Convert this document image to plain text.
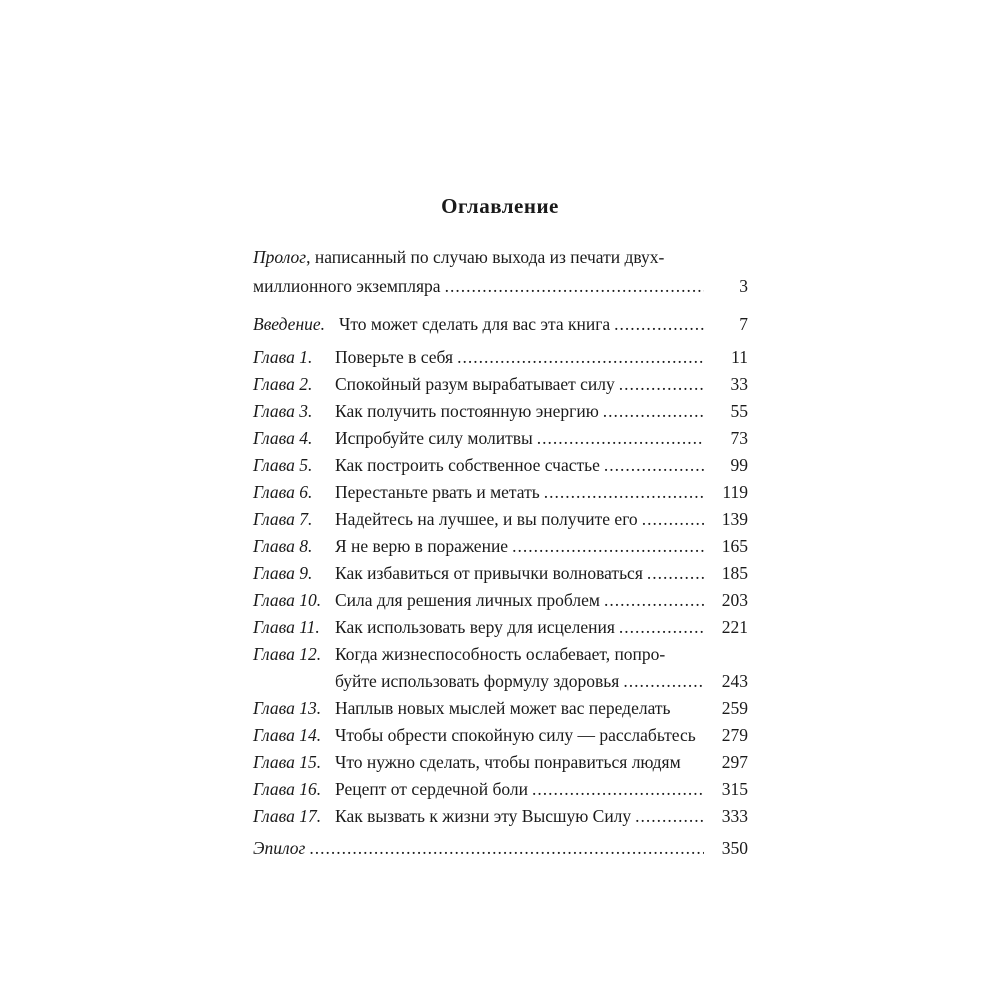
Оглавление
Пролог , написанный по случаю выхода из печати двух-
миллионного экземпляра .....	3
Введение. Что может сделать для вас эта книга .....	7
Глава 1.	Поверьте в себя .....	11
Глава 2.	Спокойный разум вырабатывает силу .....	33
Глава 3.	Как получить постоянную энергию .....	55
Глава 4.	Испробуйте силу молитвы .....	73
Глава 5.	Как построить собственное счастье .....	99
Глава 6.	Перестаньте рвать и метать .....	119
Глава 7.	Надейтесь на лучшее, и вы получите его .....	139
Глава 8.	Я не верю в поражение .....	165
Глава 9.	Как избавиться от привычки волноваться .....	185
Глава 10. Сила для решения личных проблем .....	203
Глава 11. Как использовать веру для исцеления .....	221
Глава 12. Когда жизнеспособность ослабевает, попро-
буйте использовать формулу здоровья .....	243
Глава 13. Наплыв новых мыслей может вас переделать	259
Глава 14. Чтобы обрести спокойную силу — расслабьтесь	279
Глава 15. Что нужно сделать, чтобы понравиться людям	297
Глава 16. Рецепт от сердечной боли .....	315
Глава 17. Как вызвать к жизни эту Высшую Силу .....	333
Эпилог .....	350
